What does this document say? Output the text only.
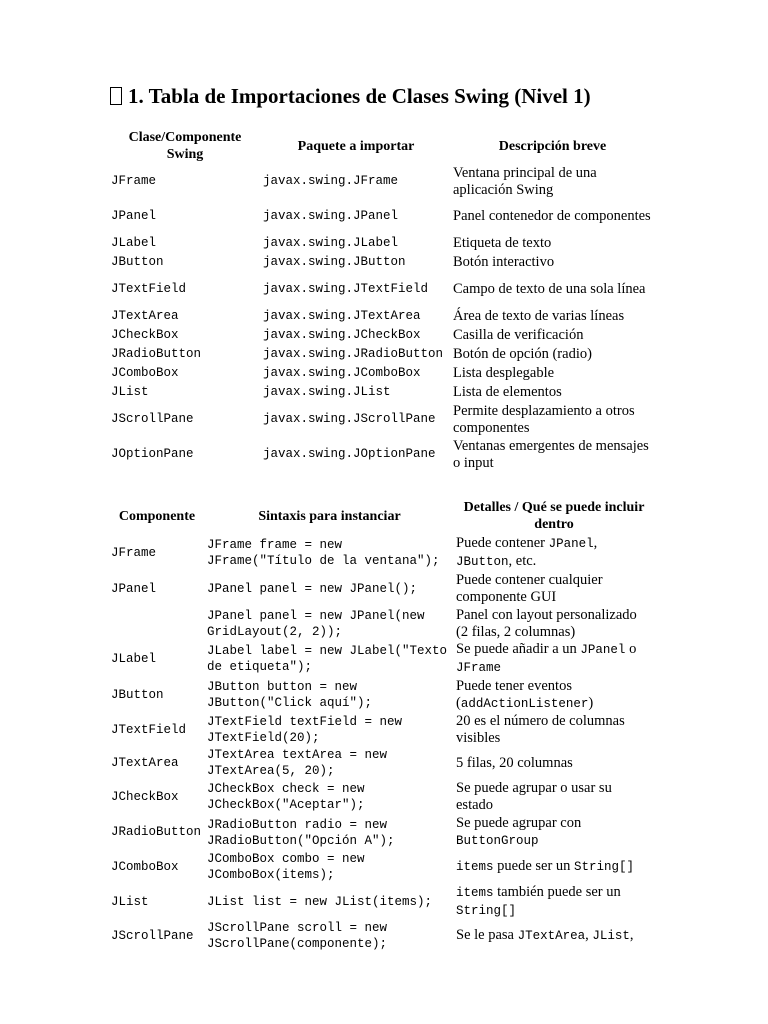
1. Tabla de Importaciones de Clases Swing (Nivel 1)
Clase/Componente Swing	Paquete a importar	Descripción breve
JFrame	javax.swing.JFrame	Ventana principal de una aplicación Swing
JPanel	javax.swing.JPanel	Panel contenedor de componentes
JLabel	javax.swing.JLabel	Etiqueta de texto
JButton	javax.swing.JButton	Botón interactivo
JTextField	javax.swing.JTextField	Campo de texto de una sola línea
JTextArea	javax.swing.JTextArea	Área de texto de varias líneas
JCheckBox	javax.swing.JCheckBox	Casilla de verificación
JRadioButton	javax.swing.JRadioButton	Botón de opción (radio)
JComboBox	javax.swing.JComboBox	Lista desplegable
JList	javax.swing.JList	Lista de elementos
JScrollPane	javax.swing.JScrollPane	Permite desplazamiento a otros componentes
JOptionPane	javax.swing.JOptionPane	Ventanas emergentes de mensajes o input
Componente	Sintaxis para instanciar	Detalles / Qué se puede incluir dentro
JFrame	JFrame frame = new JFrame("Título de la ventana");	Puede contener JPanel, JButton, etc.
JPanel	JPanel panel = new JPanel();	Puede contener cualquier componente GUI
	JPanel panel = new JPanel(new GridLayout(2, 2));	Panel con layout personalizado (2 filas, 2 columnas)
JLabel	JLabel label = new JLabel("Texto de etiqueta");	Se puede añadir a un JPanel o JFrame
JButton	JButton button = new JButton("Click aquí");	Puede tener eventos (addActionListener)
JTextField	JTextField textField = new JTextField(20);	20 es el número de columnas visibles
JTextArea	JTextArea textArea = new JTextArea(5, 20);	5 filas, 20 columnas
JCheckBox	JCheckBox check = new JCheckBox("Aceptar");	Se puede agrupar o usar su estado
JRadioButton	JRadioButton radio = new JRadioButton("Opción A");	Se puede agrupar con ButtonGroup
JComboBox	JComboBox combo = new JComboBox(items);	items puede ser un String[]
JList	JList list = new JList(items);	items también puede ser un String[]
JScrollPane	JScrollPane scroll = new JScrollPane(componente);	Se le pasa JTextArea, JList,
